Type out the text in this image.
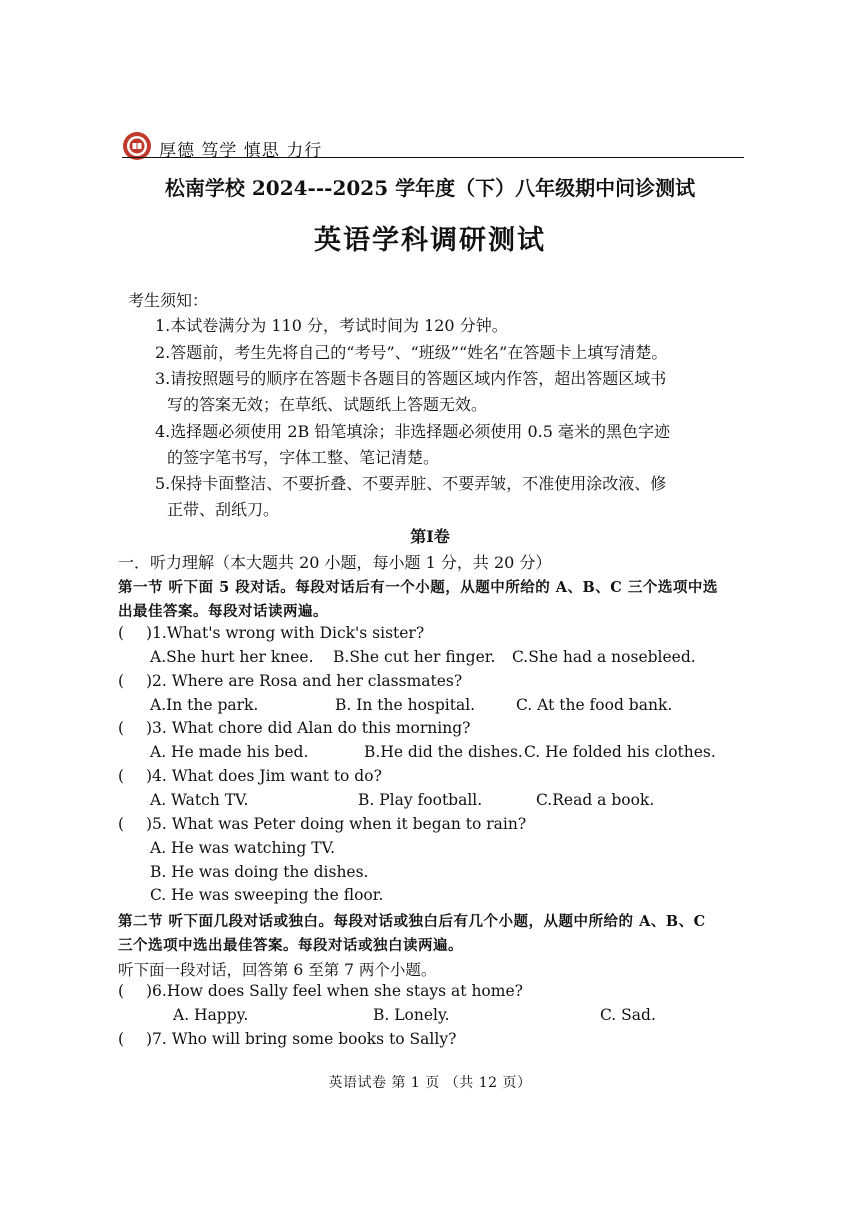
厚德 笃学 慎思 力行
松南学校 2024---2025 学年度（下）八年级期中问诊测试
英语学科调研测试
考生须知：
1.本试卷满分为 110 分，考试时间为 120 分钟。
2.答题前，考生先将自己的“考号”、“班级”“姓名”在答题卡上填写清楚。
3.请按照题号的顺序在答题卡各题目的答题区域内作答，超出答题区域书
写的答案无效；在草纸、试题纸上答题无效。
4.选择题必须使用 2B 铅笔填涂；非选择题必须使用 0.5 毫米的黑色字迹
的签字笔书写，字体工整、笔记清楚。
5.保持卡面整洁、不要折叠、不要弄脏、不要弄皱，不准使用涂改液、修
正带、刮纸刀。
第Ⅰ卷
一．听力理解（本大题共 20 小题，每小题 1 分，共 20 分）
第一节 听下面 5 段对话。每段对话后有一个小题，从题中所给的 A、B、C 三个选项中选
出最佳答案。每段对话读两遍。
( )1.What's wrong with Dick's sister?
A.She hurt her knee. B.She cut her finger. C.She had a nosebleed.
( )2. Where are Rosa and her classmates?
A.In the park.	B. In the hospital.	C. At the food bank.
( )3. What chore did Alan do this morning?
A. He made his bed.	B.He did the dishes. C. He folded his clothes.
( )4. What does Jim want to do?
A. Watch TV.	B. Play football.	C.Read a book.
( )5. What was Peter doing when it began to rain?
A. He was watching TV.
B. He was doing the dishes.
C. He was sweeping the floor.
第二节 听下面几段对话或独白。每段对话或独白后有几个小题，从题中所给的 A、B、C
三个选项中选出最佳答案。每段对话或独白读两遍。
听下面一段对话，回答第 6 至第 7 两个小题。
( )6.How does Sally feel when she stays at home?
A. Happy.	B. Lonely.	C. Sad.
( )7. Who will bring some books to Sally?
英语试卷 第 1 页 （共 12 页）
